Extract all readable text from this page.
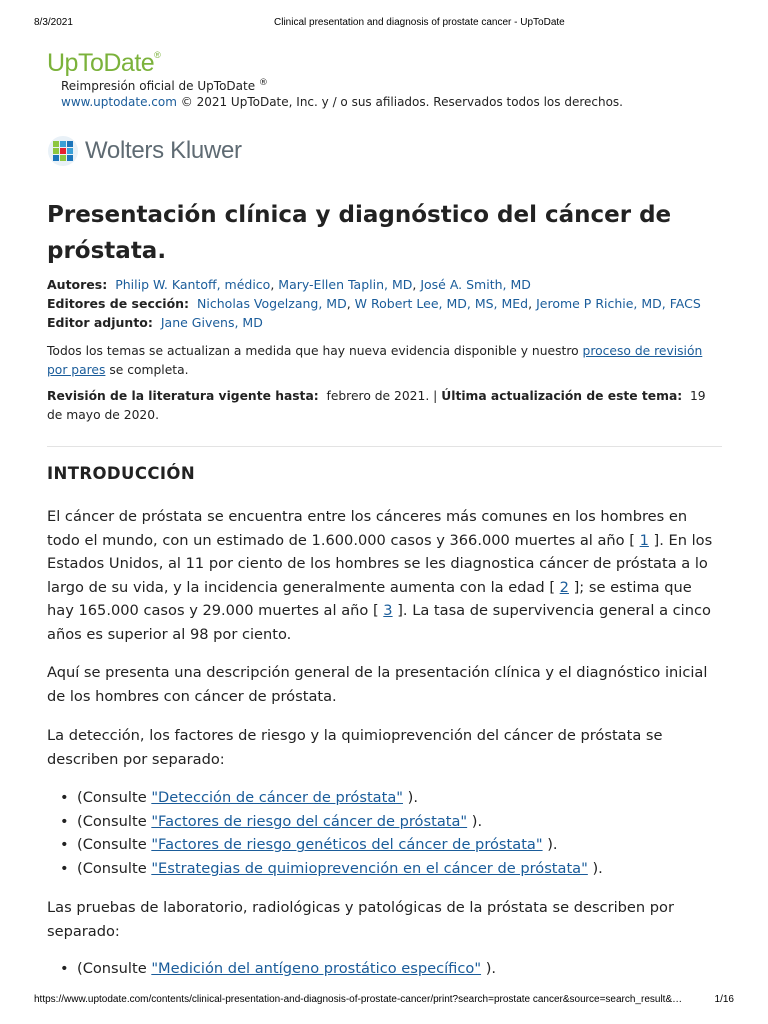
8/3/2021	Clinical presentation and diagnosis of prostate cancer - UpToDate
UpToDate®
Reimpresión oficial de UpToDate ®
www.uptodate.com © 2021 UpToDate, Inc. y / o sus afiliados. Reservados todos los derechos.
Wolters Kluwer
Presentación clínica y diagnóstico del cáncer de próstata.
Autores: Philip W. Kantoff, médico, Mary-Ellen Taplin, MD, José A. Smith, MD
Editores de sección: Nicholas Vogelzang, MD, W Robert Lee, MD, MS, MEd, Jerome P Richie, MD, FACS
Editor adjunto: Jane Givens, MD
Todos los temas se actualizan a medida que hay nueva evidencia disponible y nuestro proceso de revisión por pares se completa.
Revisión de la literatura vigente hasta: febrero de 2021. | Última actualización de este tema: 19 de mayo de 2020.
INTRODUCCIÓN

El cáncer de próstata se encuentra entre los cánceres más comunes en los hombres en todo el mundo, con un estimado de 1.600.000 casos y 366.000 muertes al año [ 1 ]. En los Estados Unidos, al 11 por ciento de los hombres se les diagnostica cáncer de próstata a lo largo de su vida, y la incidencia generalmente aumenta con la edad [ 2 ]; se estima que hay 165.000 casos y 29.000 muertes al año [ 3 ]. La tasa de supervivencia general a cinco años es superior al 98 por ciento.

Aquí se presenta una descripción general de la presentación clínica y el diagnóstico inicial de los hombres con cáncer de próstata.

La detección, los factores de riesgo y la quimioprevención del cáncer de próstata se describen por separado:

• (Consulte "Detección de cáncer de próstata" ).
• (Consulte "Factores de riesgo del cáncer de próstata" ).
• (Consulte "Factores de riesgo genéticos del cáncer de próstata" ).
• (Consulte "Estrategias de quimioprevención en el cáncer de próstata" ).

Las pruebas de laboratorio, radiológicas y patológicas de la próstata se describen por separado:

• (Consulte "Medición del antígeno prostático específico" ).
https://www.uptodate.com/contents/clinical-presentation-and-diagnosis-of-prostate-cancer/print?search=prostate cancer&source=search_result&…	1/16
